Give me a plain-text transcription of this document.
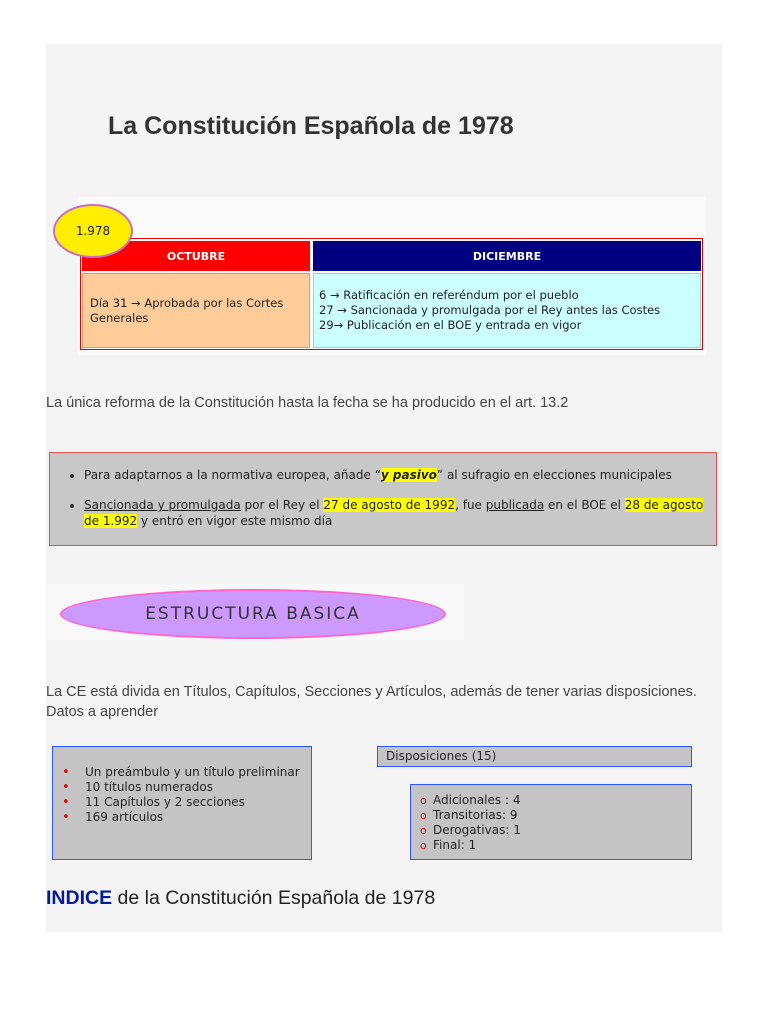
La Constitución Española de 1978
1.978
OCTUBRE	DICIEMBRE
Día 31 → Aprobada por las Cortes Generales
6 → Ratificación en referéndum por el pueblo
27 → Sancionada y promulgada por el Rey antes las Costes
29→ Publicación en el BOE y entrada en vigor

La única reforma de la Constitución hasta la fecha se ha producido en el art. 13.2

• Para adaptarnos a la normativa europea, añade “y pasivo” al sufragio en elecciones municipales
• Sancionada y promulgada por el Rey el 27 de agosto de 1992, fue publicada en el BOE el 28 de agosto de 1.992 y entró en vigor este mismo día
ESTRUCTURA BASICA

La CE está divida en Títulos, Capítulos, Secciones y Artículos, además de tener varias disposiciones. Datos a aprender

• Un preámbulo y un título preliminar
• 10 títulos numerados
• 11 Capítulos y 2 secciones
• 169 artículos
Disposiciones (15)
o Adicionales : 4
o Transitorias: 9
o Derogativas: 1
o Final: 1

INDICE de la Constitución Española de 1978
